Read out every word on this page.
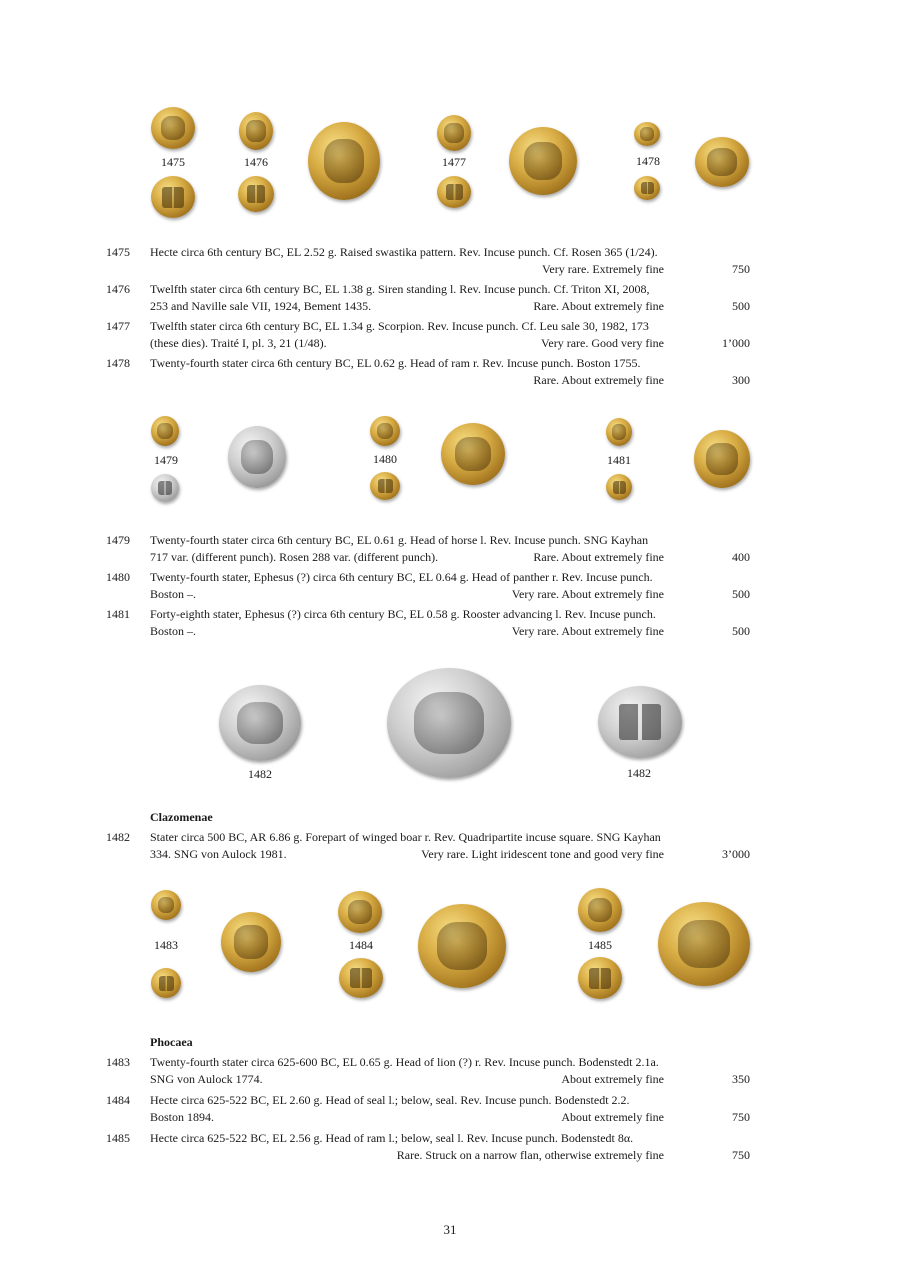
1475	1476	1477	1478
1475 Hecte circa 6th century BC, EL 2.52 g. Raised swastika pattern. Rev. Incuse punch. Cf. Rosen 365 (1/24).
Very rare. Extremely fine	750
1476 Twelfth stater circa 6th century BC, EL 1.38 g. Siren standing l. Rev. Incuse punch. Cf. Triton XI, 2008,
253 and Naville sale VII, 1924, Bement 1435.	Rare. About extremely fine	500
1477 Twelfth stater circa 6th century BC, EL 1.34 g. Scorpion. Rev. Incuse punch. Cf. Leu sale 30, 1982, 173
(these dies). Traité I, pl. 3, 21 (1/48).	Very rare. Good very fine	1’000
1478 Twenty-fourth stater circa 6th century BC, EL 0.62 g. Head of ram r. Rev. Incuse punch. Boston 1755.
Rare. About extremely fine	300
1479	1480	1481
1479 Twenty-fourth stater circa 6th century BC, EL 0.61 g. Head of horse l. Rev. Incuse punch. SNG Kayhan
717 var. (different punch). Rosen 288 var. (different punch).	Rare. About extremely fine	400
1480 Twenty-fourth stater, Ephesus (?) circa 6th century BC, EL 0.64 g. Head of panther r. Rev. Incuse punch.
Boston –.	Very rare. About extremely fine	500
1481 Forty-eighth stater, Ephesus (?) circa 6th century BC, EL 0.58 g. Rooster advancing l. Rev. Incuse punch.
Boston –.	Very rare. About extremely fine	500
1482	1482
Clazomenae
1482 Stater circa 500 BC, AR 6.86 g. Forepart of winged boar r. Rev. Quadripartite incuse square. SNG Kayhan
334. SNG von Aulock 1981.	Very rare. Light iridescent tone and good very fine	3’000
1483	1484	1485
Phocaea
1483 Twenty-fourth stater circa 625-600 BC, EL 0.65 g. Head of lion (?) r. Rev. Incuse punch. Bodenstedt 2.1a.
SNG von Aulock 1774.	About extremely fine	350
1484 Hecte circa 625-522 BC, EL 2.60 g. Head of seal l.; below, seal. Rev. Incuse punch. Bodenstedt 2.2.
Boston 1894.	About extremely fine	750
1485 Hecte circa 625-522 BC, EL 2.56 g. Head of ram l.; below, seal l. Rev. Incuse punch. Bodenstedt 8α.
Rare. Struck on a narrow flan, otherwise extremely fine	750
31
